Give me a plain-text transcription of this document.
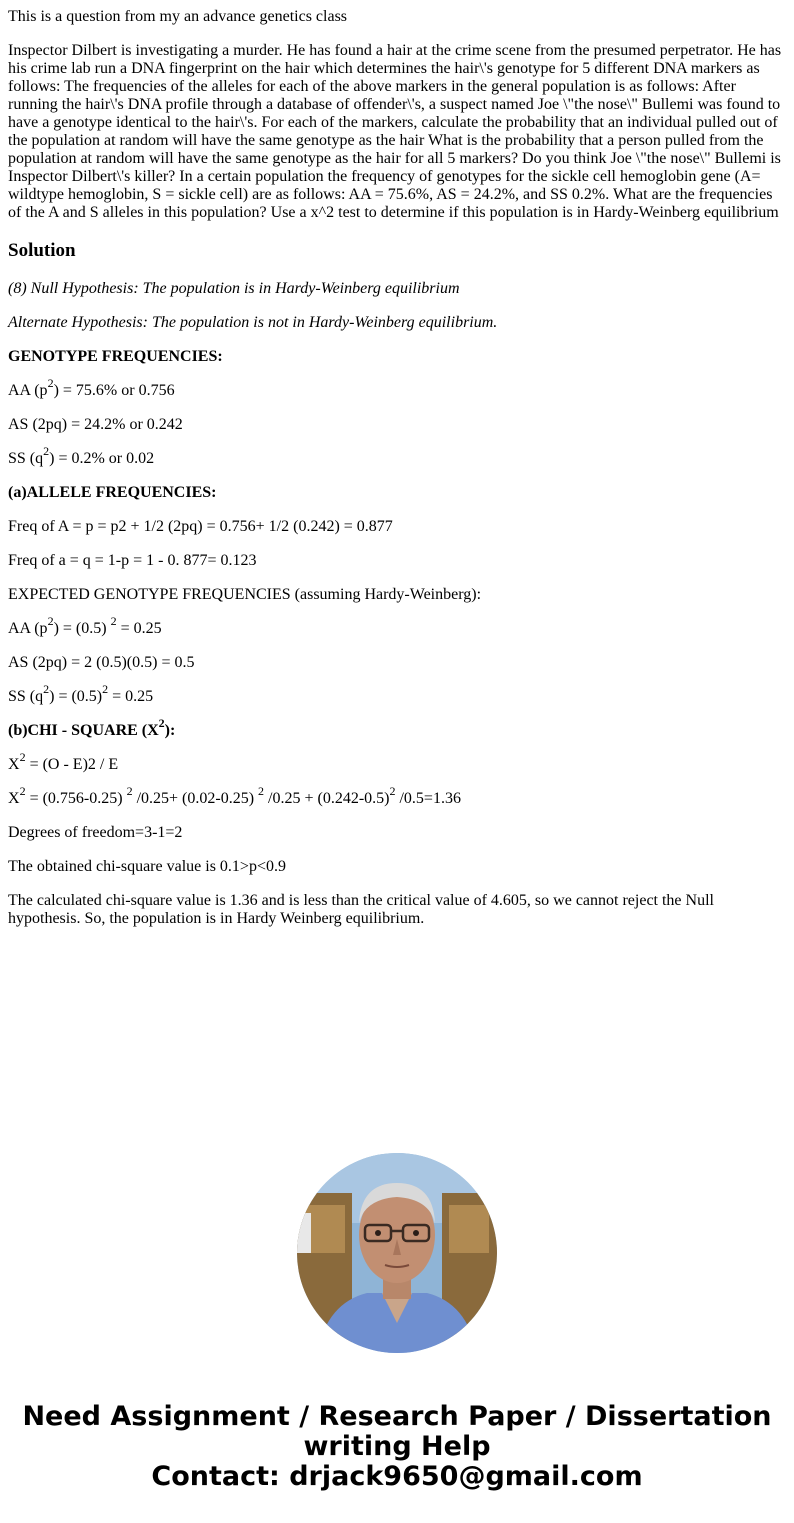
This is a question from my an advance genetics class

Inspector Dilbert is investigating a murder. He has found a hair at the crime scene from the presumed perpetrator. He has his crime lab run a DNA fingerprint on the hair which determines the hair\'s genotype for 5 different DNA markers as follows: The frequencies of the alleles for each of the above markers in the general population is as follows: After running the hair\'s DNA profile through a database of offender\'s, a suspect named Joe \"the nose\" Bullemi was found to have a genotype identical to the hair\'s. For each of the markers, calculate the probability that an individual pulled out of the population at random will have the same genotype as the hair What is the probability that a person pulled from the population at random will have the same genotype as the hair for all 5 markers? Do you think Joe \"the nose\" Bullemi is Inspector Dilbert\'s killer? In a certain population the frequency of genotypes for the sickle cell hemoglobin gene (A= wildtype hemoglobin, S = sickle cell) are as follows: AA = 75.6%, AS = 24.2%, and SS 0.2%. What are the frequencies of the A and S alleles in this population? Use a x^2 test to determine if this population is in Hardy-Weinberg equilibrium

Solution

(8) Null Hypothesis: The population is in Hardy-Weinberg equilibrium

Alternate Hypothesis: The population is not in Hardy-Weinberg equilibrium.

GENOTYPE FREQUENCIES:

AA $(p^2) = 75.6\%$ or 0.756

AS (2pq) = 24.2% or 0.242

SS $(q^2) = 0.2\%$ or 0.02

(a)ALLELE FREQUENCIES:

Freq of A = p = p2 + 1/2 (2pq) = 0.756+ 1/2 (0.242) = 0.877

Freq of a = q = 1-p = 1 - 0. 877= 0.123

EXPECTED GENOTYPE FREQUENCIES (assuming Hardy-Weinberg):

AA $(p^2) = (0.5) ^2 = 0.25$

AS (2pq) = 2 (0.5)(0.5) = 0.5

SS $(q^2) = (0.5)^2 = 0.25$

(b)CHI - SQUARE $(X^2)$:

$X^2 = (O - E)2 / E$

$X^2 = (0.756-0.25)$ $^2$ /0.25+ (0.02-0.25) $^2$ $/0.25 + (0.242-0.5)^2$ /0.5=1.36

Degrees of freedom=3-1=2

The obtained chi-square value is 0.1>p<0.9

The calculated chi-square value is 1.36 and is less than the critical value of 4.605, so we cannot reject the Null hypothesis. So, the population is in Hardy Weinberg equilibrium.

Need Assignment / Research Paper / Dissertation
writing Help
Contact: drjack9650@gmail.com
